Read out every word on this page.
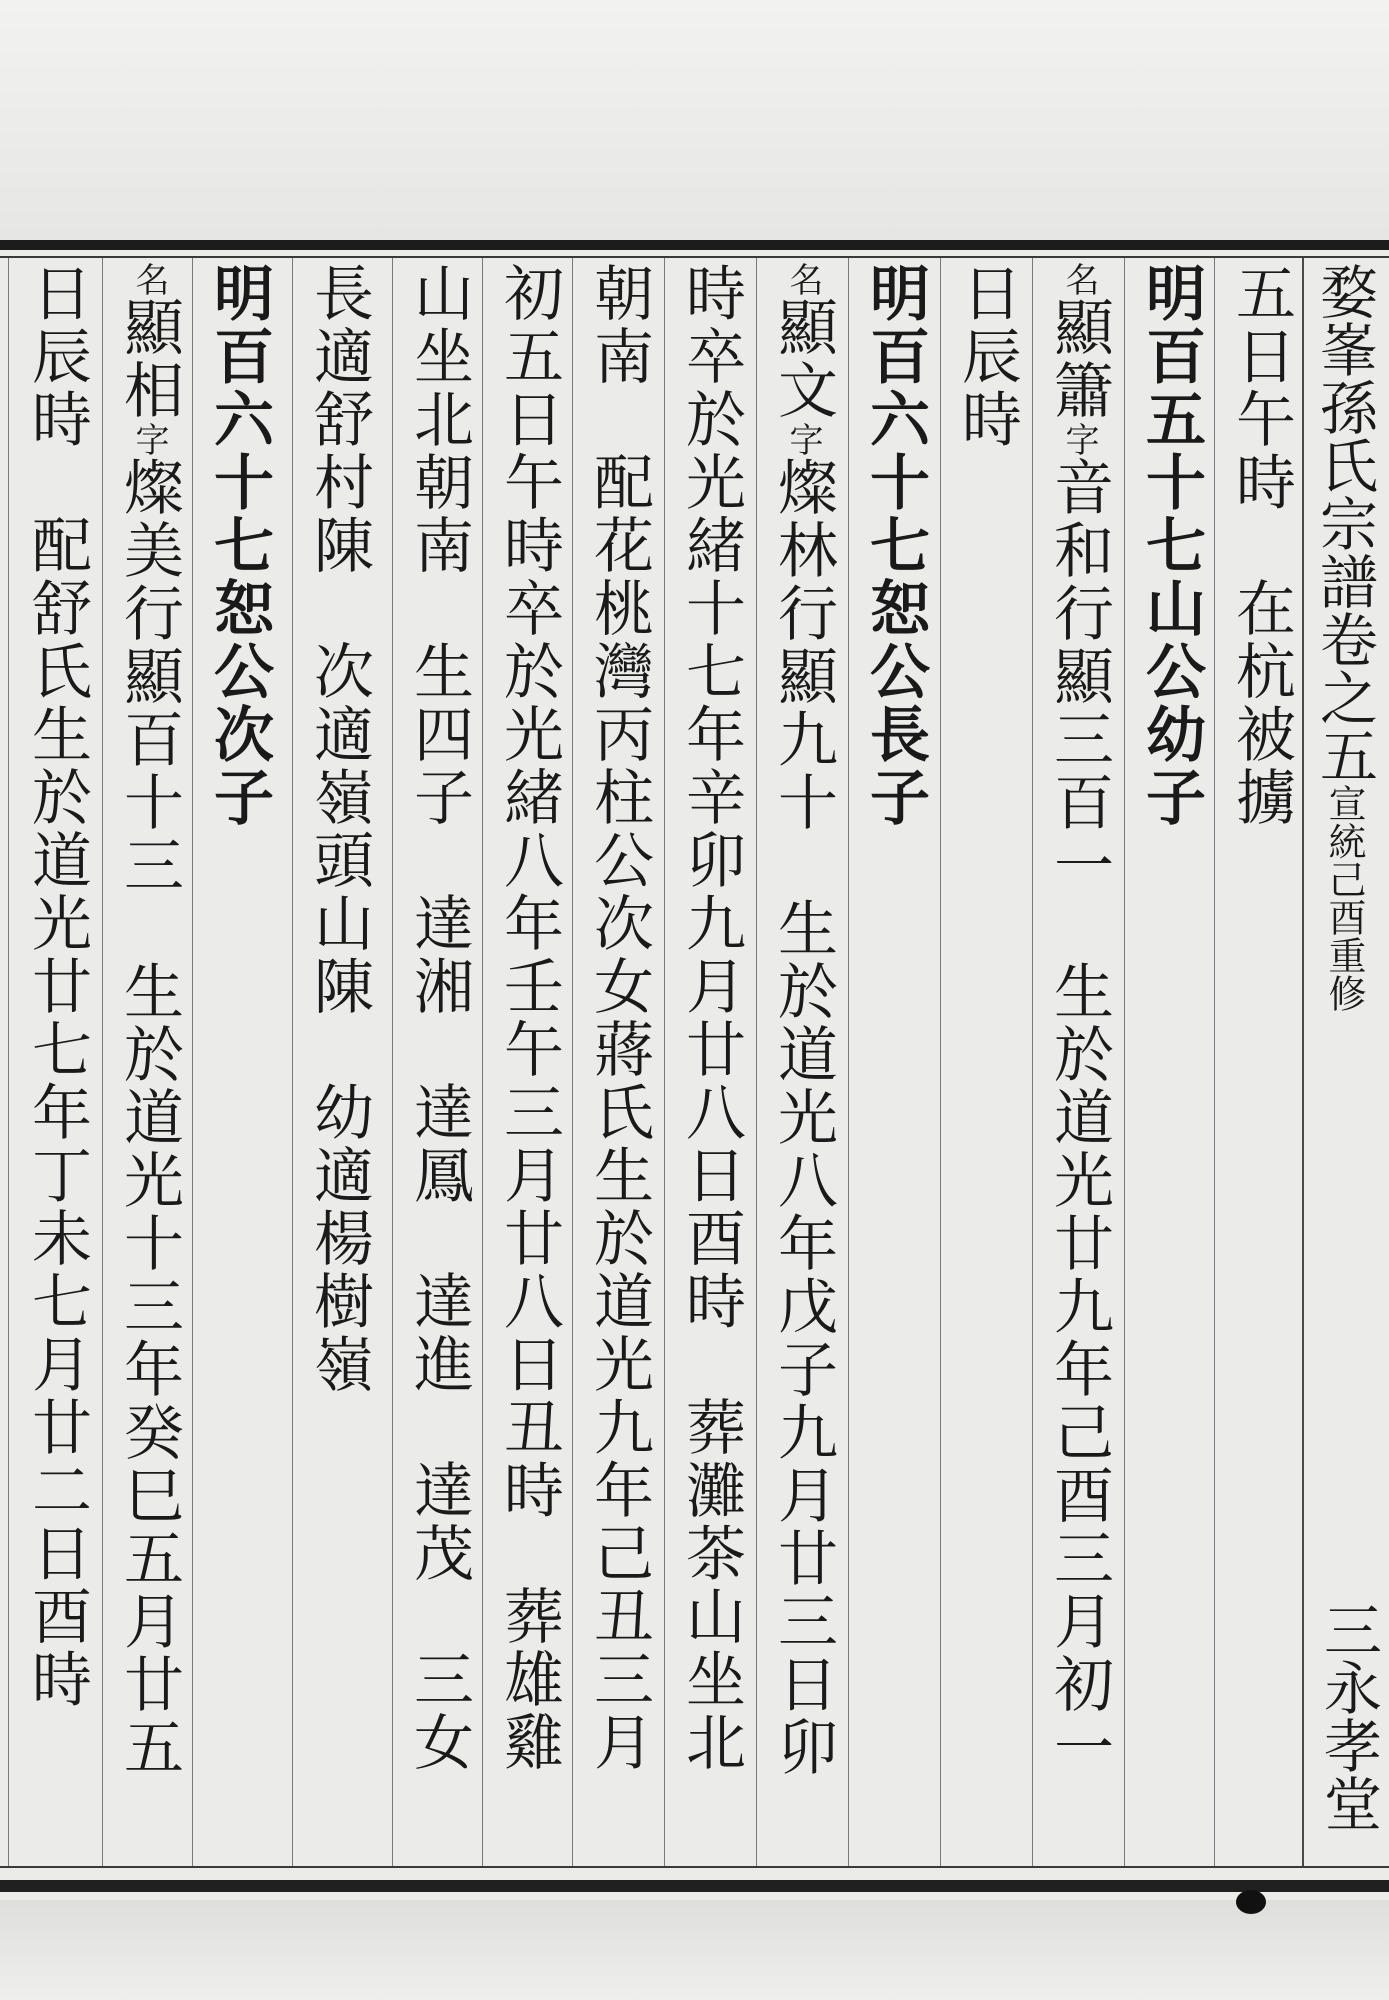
五日午時　在杭被擄
明百五十七山公幼子
名顯簫字音和行顯三百一　生於道光廿九年己酉三月初一
日辰時
明百六十七恕公長子
名顯文字燦林行顯九十　生於道光八年戊子九月廿三日卯
時卒於光緒十七年辛卯九月廿八日酉時　葬灘茶山坐北
朝南　配花桃灣丙柱公次女蔣氏生於道光九年己丑三月
初五日午時卒於光緒八年壬午三月廿八日丑時　葬雄雞
山坐北朝南　生四子　達湘　達鳳　達進　達茂　三女
長適舒村陳　次適嶺頭山陳　幼適楊樹嶺
明百六十七恕公次子
名顯相字燦美行顯百十三　生於道光十三年癸巳五月廿五
日辰時　配舒氏生於道光廿七年丁未七月廿二日酉時	婺峯孫氏宗譜卷之五宣統己酉重修
三永孝堂
